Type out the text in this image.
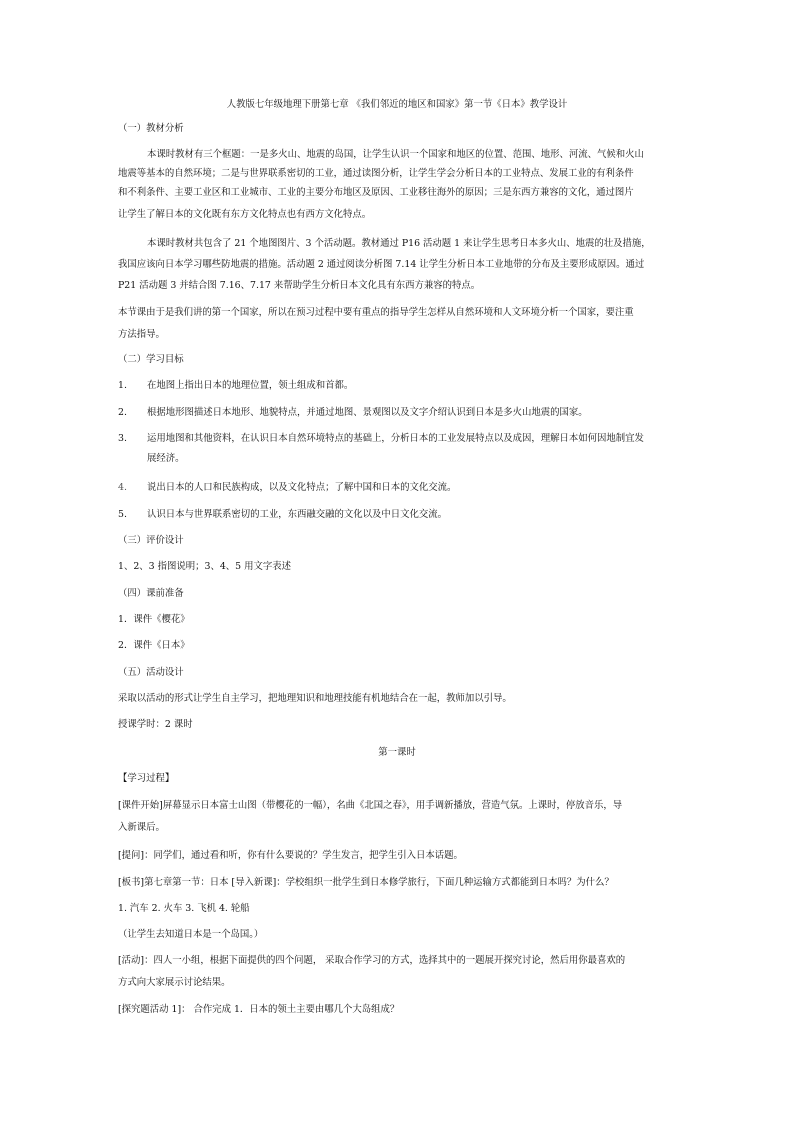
人教版七年级地理下册第七章 《我们邻近的地区和国家》第一节《日本》教学设计
（一）教材分析
本课时教材有三个框题：一是多火山、地震的岛国，让学生认识一个国家和地区的位置、范围、地形、河流、气候和火山
地震等基本的自然环境；二是与世界联系密切的工业，通过读图分析，让学生学会分析日本的工业特点、发展工业的有利条件
和不利条件、主要工业区和工业城市、工业的主要分布地区及原因、工业移往海外的原因；三是东西方兼容的文化，通过图片
让学生了解日本的文化既有东方文化特点也有西方文化特点。
本课时教材共包含了 21 个地图图片、3 个活动题。教材通过 P16 活动题 1 来让学生思考日本多火山、地震的壮及措施，
我国应该向日本学习哪些防地震的措施。活动题 2 通过阅读分析图 7.14 让学生分析日本工业地带的分布及主要形成原因。通过
P21 活动题 3 并结合图 7.16、7.17 来帮助学生分析日本文化具有东西方兼容的特点。
本节课由于是我们讲的第一个国家，所以在预习过程中要有重点的指导学生怎样从自然环境和人文环境分析一个国家，要注重
方法指导。
（二）学习目标
1. 在地图上指出日本的地理位置，领土组成和首都。
2. 根据地形图描述日本地形、地貌特点，并通过地图、景观图以及文字介绍认识到日本是多火山地震的国家。
3. 运用地图和其他资料，在认识日本自然环境特点的基础上，分析日本的工业发展特点以及成因，理解日本如何因地制宜发
展经济。
4. 说出日本的人口和民族构成，以及文化特点；了解中国和日本的文化交流。
5. 认识日本与世界联系密切的工业，东西融交融的文化以及中日文化交流。
（三）评价设计
1、2、3 指图说明；3、4、5 用文字表述
（四）课前准备
1．课件《樱花》
2．课件《日本》
（五）活动设计
采取以活动的形式让学生自主学习，把地理知识和地理技能有机地结合在一起，教师加以引导。
授课学时：2 课时
第一课时
【学习过程】
[课件开始]屏幕显示日本富士山图（带樱花的一幅），名曲《北国之春》，用手调新播放，营造气氛。上课时，停放音乐，导
入新课后。
[提问]：同学们，通过看和听，你有什么要说的？学生发言，把学生引入日本话题。
[板书]第七章第一节：日本 [导入新课]：学校组织一批学生到日本修学旅行，下面几种运输方式都能到日本吗？为什么？
1. 汽车 2. 火车 3. 飞机 4. 轮船
（让学生去知道日本是一个岛国。）
[活动]：四人一小组，根据下面提供的四个问题， 采取合作学习的方式，选择其中的一题展开探究讨论，然后用你最喜欢的
方式向大家展示讨论结果。
[探究题活动 1]： 合作完成 1．日本的领土主要由哪几个大岛组成？
